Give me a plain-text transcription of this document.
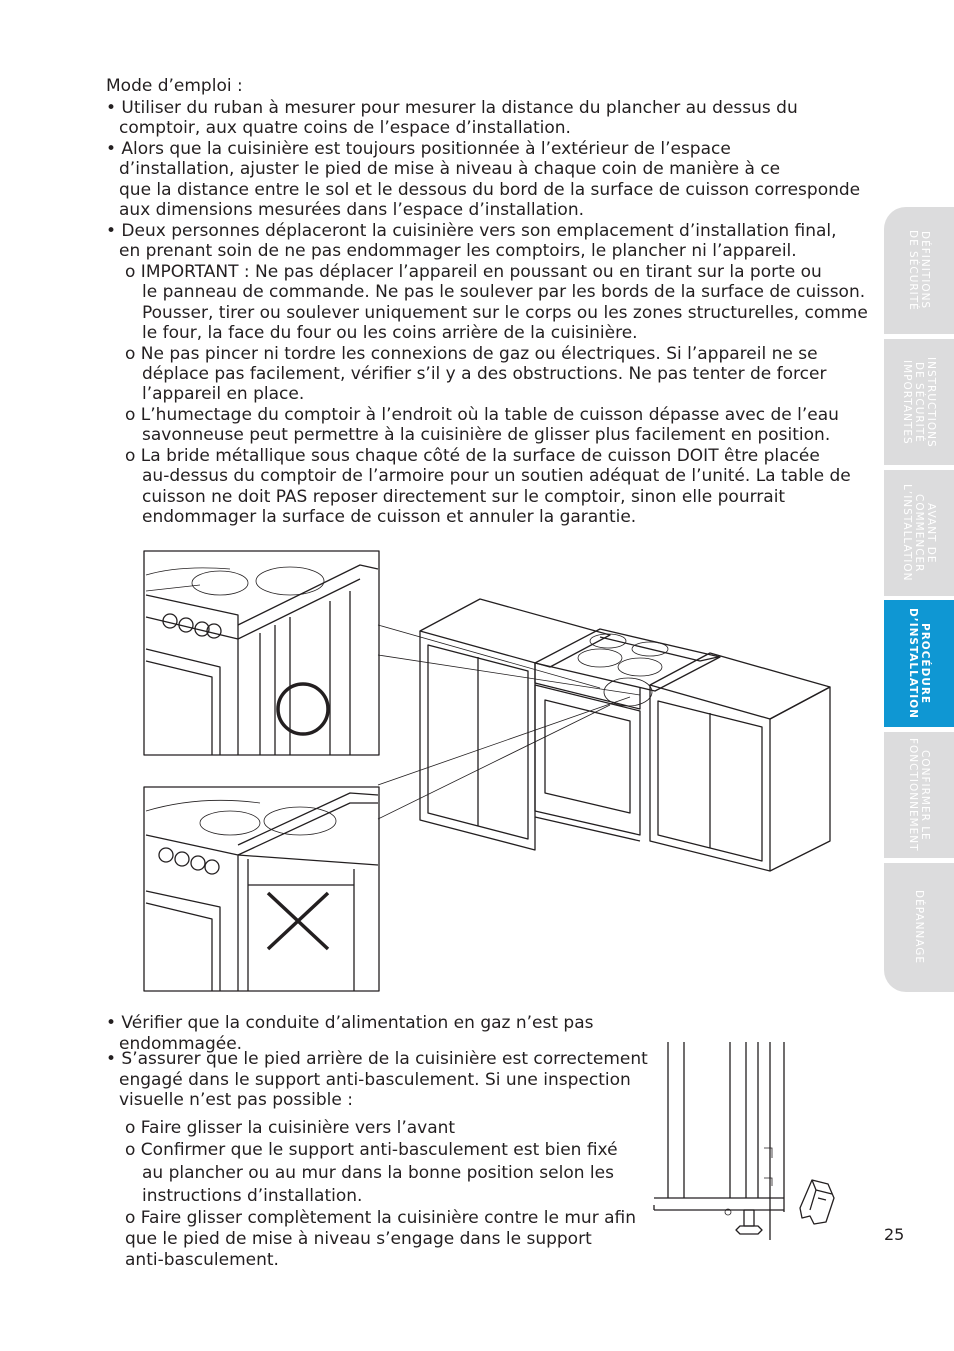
Mode d’emploi :
• Utiliser du ruban à mesurer pour mesurer la distance du plancher au dessus du
comptoir, aux quatre coins de l’espace d’installation.
• Alors que la cuisinière est toujours positionnée à l’extérieur de l’espace
d’installation, ajuster le pied de mise à niveau à chaque coin de manière à ce
que la distance entre le sol et le dessous du bord de la surface de cuisson corresponde
aux dimensions mesurées dans l’espace d’installation.
• Deux personnes déplaceront la cuisinière vers son emplacement d’installation final,
en prenant soin de ne pas endommager les comptoirs, le plancher ni l’appareil.
o IMPORTANT : Ne pas déplacer l’appareil en poussant ou en tirant sur la porte ou
le panneau de commande. Ne pas le soulever par les bords de la surface de cuisson.
Pousser, tirer ou soulever uniquement sur le corps ou les zones structurelles, comme
le four, la face du four ou les coins arrière de la cuisinière.
o Ne pas pincer ni tordre les connexions de gaz ou électriques. Si l’appareil ne se
déplace pas facilement, vérifier s’il y a des obstructions. Ne pas tenter de forcer
l’appareil en place.
o L’humectage du comptoir à l’endroit où la table de cuisson dépasse avec de l’eau
savonneuse peut permettre à la cuisinière de glisser plus facilement en position.
o La bride métallique sous chaque côté de la surface de cuisson DOIT être placée
au-dessus du comptoir de l’armoire pour un soutien adéquat de l’unité. La table de
cuisson ne doit PAS reposer directement sur le comptoir, sinon elle pourrait
endommager la surface de cuisson et annuler la garantie.
• Vérifier que la conduite d’alimentation en gaz n’est pas
endommagée.
• S’assurer que le pied arrière de la cuisinière est correctement
engagé dans le support anti-basculement. Si une inspection
visuelle n’est pas possible :
o Faire glisser la cuisinière vers l’avant
o Confirmer que le support anti-basculement est bien fixé
au plancher ou au mur dans la bonne position selon les
instructions d’installation.
o Faire glisser complètement la cuisinière contre le mur afin
que le pied de mise à niveau s’engage dans le support
anti-basculement.
25
DÉFINITIONS
DE SÉCURITÉ
INSTRUCTIONS
DE SÉCURITÉ
IMPORTANTES
AVANT DE
COMMENCER
L’INSTALLATION
PROCÉDURE
D’INSTALLATION
CONFIRMER LE
FONCTIONNEMENT
DÉPANNAGE
